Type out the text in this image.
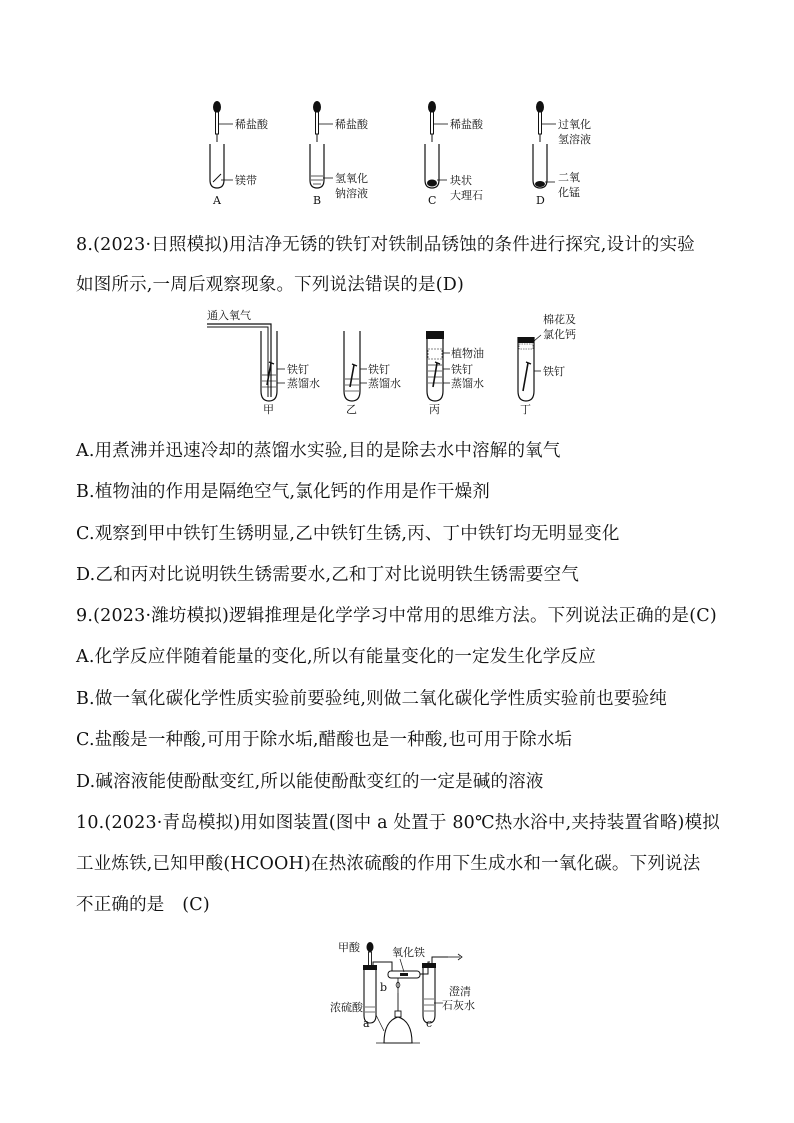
稀盐酸
镁带
A
稀盐酸
氢氧化
钠溶液
B
稀盐酸
块状
大理石
C
过氧化
氢溶液
二氧
化锰
D
8.(2023·日照模拟)用洁净无锈的铁钉对铁制品锈蚀的条件进行探究,设计的实验
如图所示,一周后观察现象。下列说法错误的是(D)
通入氧气
铁钉
蒸馏水
甲
铁钉
蒸馏水
乙
植物油
铁钉
蒸馏水
丙
棉花及
氯化钙
铁钉
丁
A.用煮沸并迅速冷却的蒸馏水实验,目的是除去水中溶解的氧气
B.植物油的作用是隔绝空气,氯化钙的作用是作干燥剂
C.观察到甲中铁钉生锈明显,乙中铁钉生锈,丙、丁中铁钉均无明显变化
D.乙和丙对比说明铁生锈需要水,乙和丁对比说明铁生锈需要空气
9.(2023·潍坊模拟)逻辑推理是化学学习中常用的思维方法。下列说法正确的是(C)
A.化学反应伴随着能量的变化,所以有能量变化的一定发生化学反应
B.做一氧化碳化学性质实验前要验纯,则做二氧化碳化学性质实验前也要验纯
C.盐酸是一种酸,可用于除水垢,醋酸也是一种酸,也可用于除水垢
D.碱溶液能使酚酞变红,所以能使酚酞变红的一定是碱的溶液
10.(2023·青岛模拟)用如图装置(图中 a 处置于 80℃热水浴中,夹持装置省略)模拟
工业炼铁,已知甲酸(HCOOH)在热浓硫酸的作用下生成水和一氧化碳。下列说法
不正确的是　(C)
甲酸	氧化铁
澄清
石灰水
浓硫酸
a
b
c
